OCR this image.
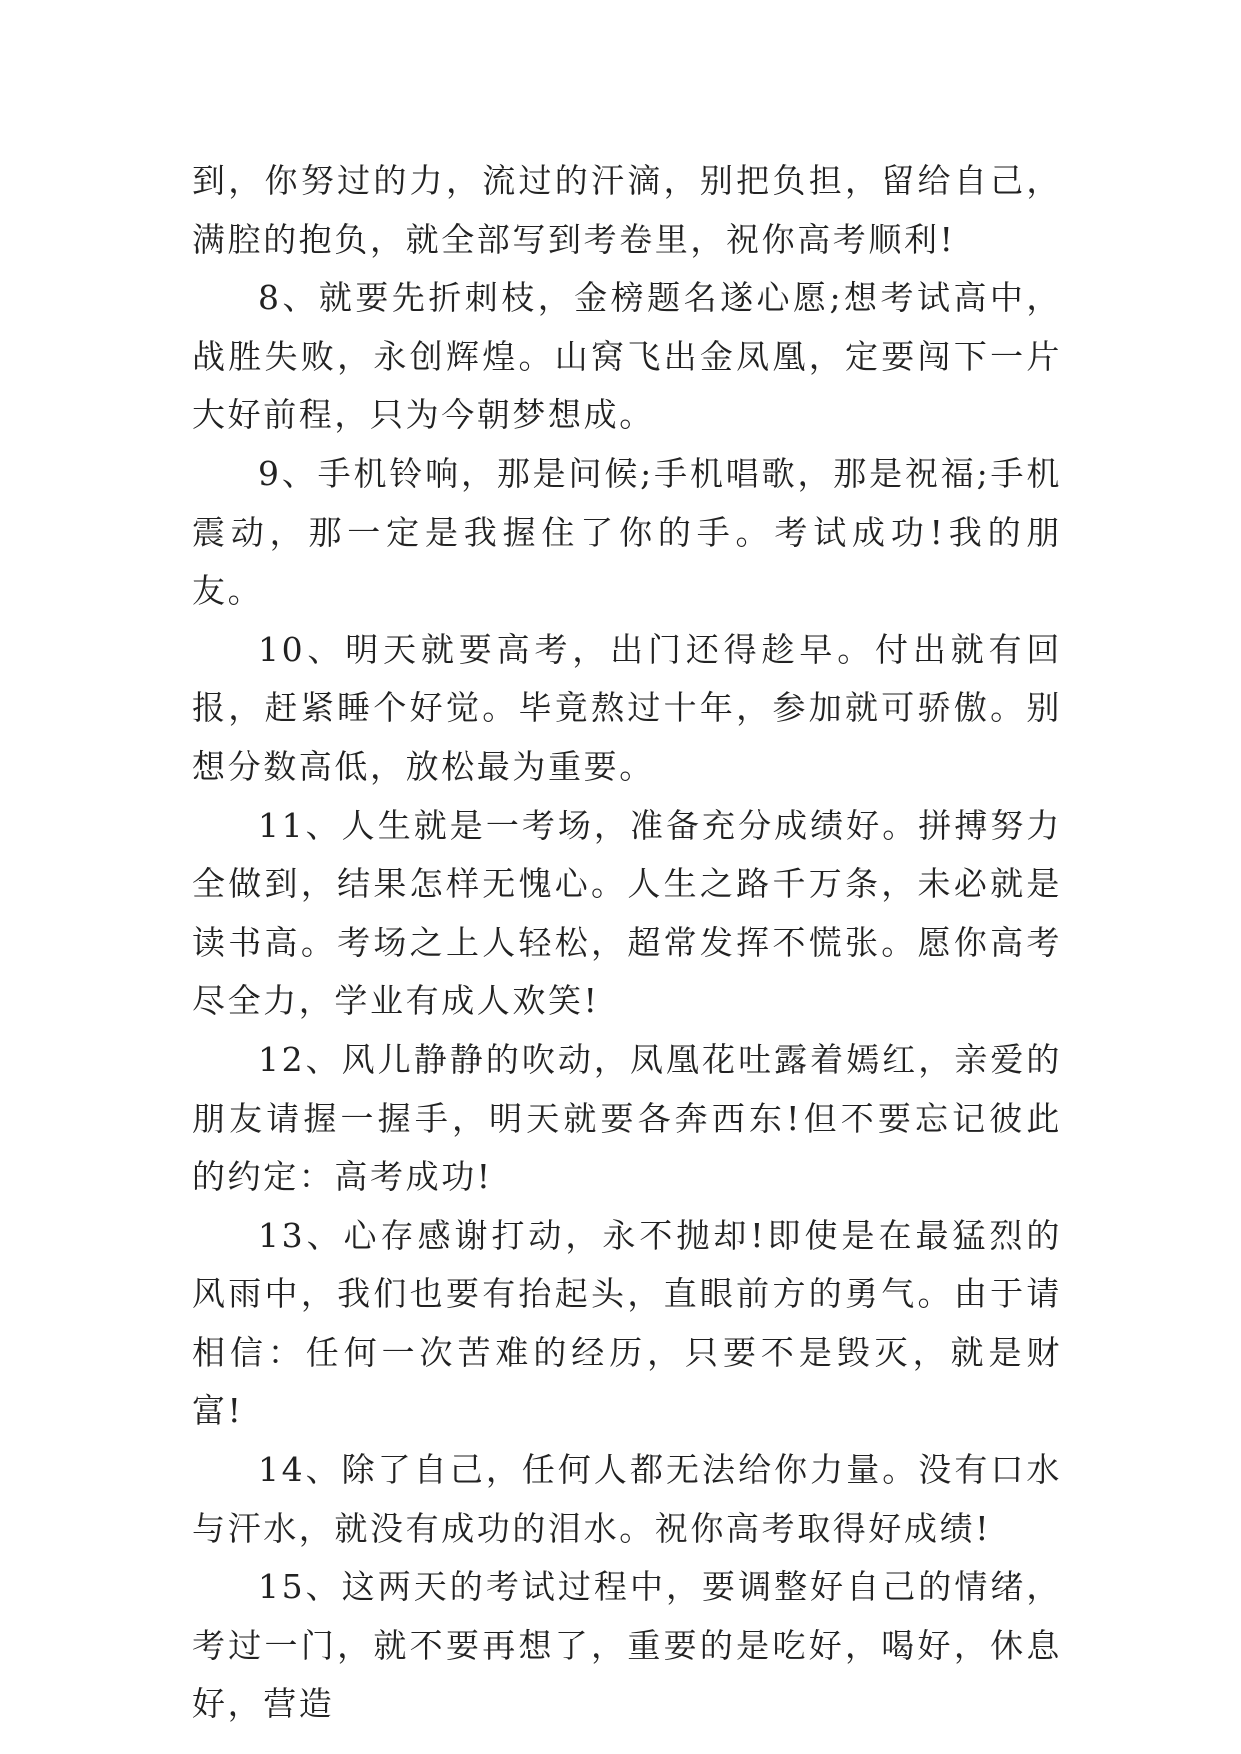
到，你努过的力，流过的汗滴，别把负担，留给自己，满腔的抱负，就全部写到考卷里，祝你高考顺利!

8、就要先折刺枝，金榜题名遂心愿;想考试高中，战胜失败，永创辉煌。山窝飞出金凤凰，定要闯下一片大好前程，只为今朝梦想成。

9、手机铃响，那是问候;手机唱歌，那是祝福;手机震动，那一定是我握住了你的手。考试成功!我的朋友。

10、明天就要高考，出门还得趁早。付出就有回报，赶紧睡个好觉。毕竟熬过十年，参加就可骄傲。别想分数高低，放松最为重要。

11、人生就是一考场，准备充分成绩好。拼搏努力全做到，结果怎样无愧心。人生之路千万条，未必就是读书高。考场之上人轻松，超常发挥不慌张。愿你高考尽全力，学业有成人欢笑!

12、风儿静静的吹动，凤凰花吐露着嫣红，亲爱的朋友请握一握手，明天就要各奔西东!但不要忘记彼此的约定：高考成功!

13、心存感谢打动，永不抛却!即使是在最猛烈的风雨中，我们也要有抬起头，直眼前方的勇气。由于请相信：任何一次苦难的经历，只要不是毁灭，就是财富!

14、除了自己，任何人都无法给你力量。没有口水与汗水，就没有成功的泪水。祝你高考取得好成绩!

15、这两天的考试过程中，要调整好自己的情绪，考过一门，就不要再想了，重要的是吃好，喝好，休息好，营造
